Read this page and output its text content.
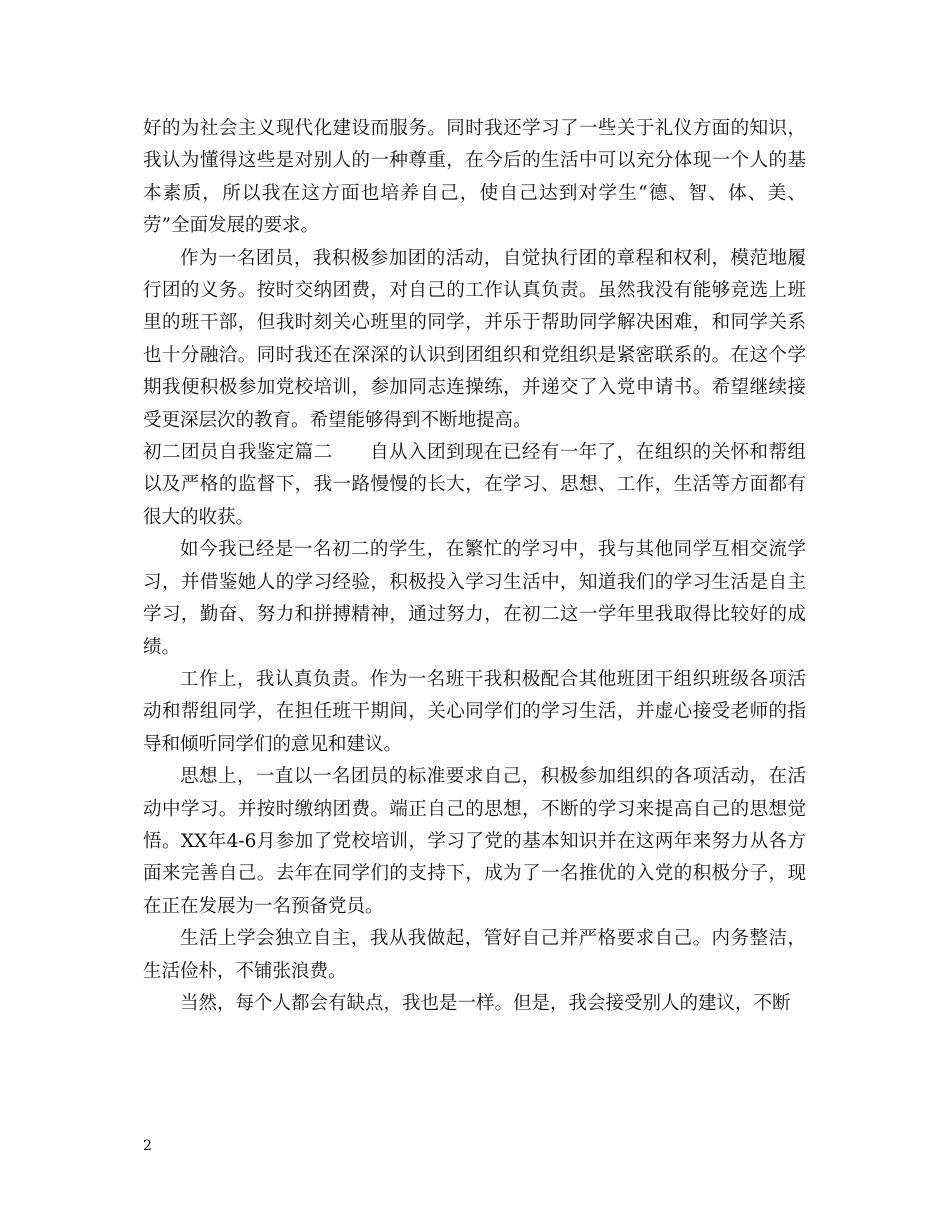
好的为社会主义现代化建设而服务。同时我还学习了一些关于礼仪方面的知识，我认为懂得这些是对别人的一种尊重，在今后的生活中可以充分体现一个人的基本素质，所以我在这方面也培养自己，使自己达到对学生“德、智、体、美、劳”全面发展的要求。

作为一名团员，我积极参加团的活动，自觉执行团的章程和权利，模范地履行团的义务。按时交纳团费，对自己的工作认真负责。虽然我没有能够竞选上班里的班干部，但我时刻关心班里的同学，并乐于帮助同学解决困难，和同学关系也十分融洽。同时我还在深深的认识到团组织和党组织是紧密联系的。在这个学期我便积极参加党校培训，参加同志连操练，并递交了入党申请书。希望继续接受更深层次的教育。希望能够得到不断地提高。

初二团员自我鉴定篇二   自从入团到现在已经有一年了，在组织的关怀和帮组以及严格的监督下，我一路慢慢的长大，在学习、思想、工作，生活等方面都有很大的收获。

如今我已经是一名初二的学生，在繁忙的学习中，我与其他同学互相交流学习，并借鉴她人的学习经验，积极投入学习生活中，知道我们的学习生活是自主学习，勤奋、努力和拼搏精神，通过努力，在初二这一学年里我取得比较好的成绩。

工作上，我认真负责。作为一名班干我积极配合其他班团干组织班级各项活动和帮组同学，在担任班干期间，关心同学们的学习生活，并虚心接受老师的指导和倾听同学们的意见和建议。

思想上，一直以一名团员的标准要求自己，积极参加组织的各项活动，在活动中学习。并按时缴纳团费。端正自己的思想，不断的学习来提高自己的思想觉悟。XX年4-6月参加了党校培训，学习了党的基本知识并在这两年来努力从各方面来完善自己。去年在同学们的支持下，成为了一名推优的入党的积极分子，现在正在发展为一名预备党员。

生活上学会独立自主，我从我做起，管好自己并严格要求自己。内务整洁，生活俭朴，不铺张浪费。

当然，每个人都会有缺点，我也是一样。但是，我会接受别人的建议，不断

2
